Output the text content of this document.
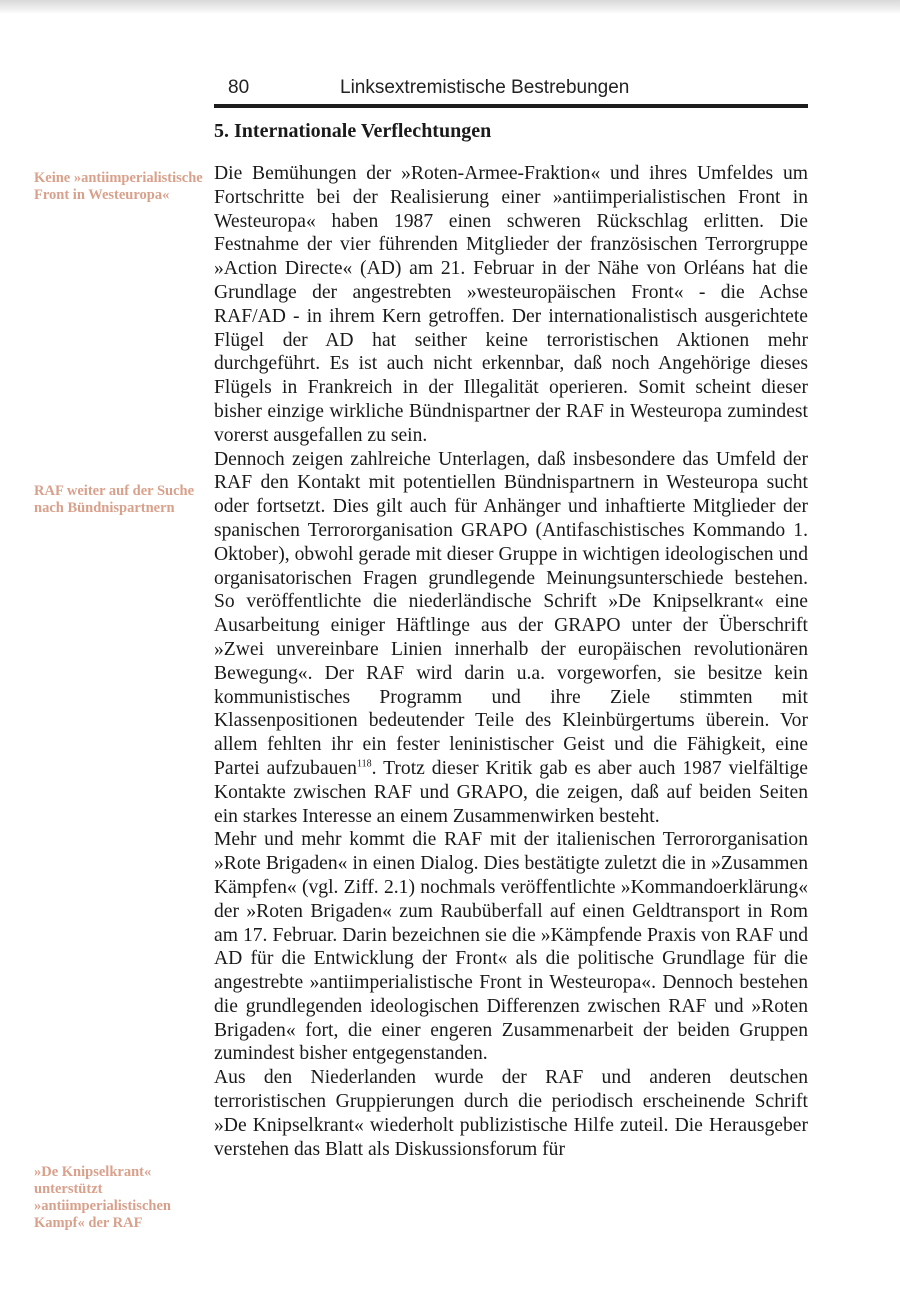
80	Linksextremistische Bestrebungen
5. Internationale Verflechtungen
Keine »antiimperialistische Front in Westeuropa«
RAF weiter auf der Suche nach Bündnispartnern
»De Knipselkrant« unterstützt »antiimperialistischen Kampf« der RAF

Die Bemühungen der »Roten-Armee-Fraktion« und ihres Umfeldes um Fortschritte bei der Realisierung einer »antiimperialistischen Front in Westeuropa« haben 1987 einen schweren Rückschlag erlitten. Die Festnahme der vier führenden Mitglieder der französischen Terrorgruppe »Action Directe« (AD) am 21. Februar in der Nähe von Orléans hat die Grundlage der angestrebten »westeuropäischen Front« - die Achse RAF/AD - in ihrem Kern getroffen. Der internationalistisch ausgerichtete Flügel der AD hat seither keine terroristischen Aktionen mehr durchgeführt. Es ist auch nicht erkennbar, daß noch Angehörige dieses Flügels in Frankreich in der Illegalität operieren. Somit scheint dieser bisher einzige wirkliche Bündnispartner der RAF in Westeuropa zumindest vorerst ausgefallen zu sein.

Dennoch zeigen zahlreiche Unterlagen, daß insbesondere das Umfeld der RAF den Kontakt mit potentiellen Bündnispartnern in Westeuropa sucht oder fortsetzt. Dies gilt auch für Anhänger und inhaftierte Mitglieder der spanischen Terrororganisation GRAPO (Antifaschistisches Kommando 1. Oktober), obwohl gerade mit dieser Gruppe in wichtigen ideologischen und organisatorischen Fragen grundlegende Meinungsunterschiede bestehen. So veröffentlichte die niederländische Schrift »De Knipselkrant« eine Ausarbeitung einiger Häftlinge aus der GRAPO unter der Überschrift »Zwei unvereinbare Linien innerhalb der europäischen revolutionären Bewegung«. Der RAF wird darin u.a. vorgeworfen, sie besitze kein kommunistisches Programm und ihre Ziele stimmten mit Klassenpositionen bedeutender Teile des Kleinbürgertums überein. Vor allem fehlten ihr ein fester leninistischer Geist und die Fähigkeit, eine Partei aufzubauen$^{118}$. Trotz dieser Kritik gab es aber auch 1987 vielfältige Kontakte zwischen RAF und GRAPO, die zeigen, daß auf beiden Seiten ein starkes Interesse an einem Zusammenwirken besteht.

Mehr und mehr kommt die RAF mit der italienischen Terrororganisation »Rote Brigaden« in einen Dialog. Dies bestätigte zuletzt die in »Zusammen Kämpfen« (vgl. Ziff. 2.1) nochmals veröffentlichte »Kommandoerklärung« der »Roten Brigaden« zum Raubüberfall auf einen Geldtransport in Rom am 17. Februar. Darin bezeichnen sie die »Kämpfende Praxis von RAF und AD für die Entwicklung der Front« als die politische Grundlage für die angestrebte »antiimperialistische Front in Westeuropa«. Dennoch bestehen die grundlegenden ideologischen Differenzen zwischen RAF und »Roten Brigaden« fort, die einer engeren Zusammenarbeit der beiden Gruppen zumindest bisher entgegenstanden.

Aus den Niederlanden wurde der RAF und anderen deutschen terroristischen Gruppierungen durch die periodisch erscheinende Schrift »De Knipselkrant« wiederholt publizistische Hilfe zuteil. Die Herausgeber verstehen das Blatt als Diskussionsforum für
